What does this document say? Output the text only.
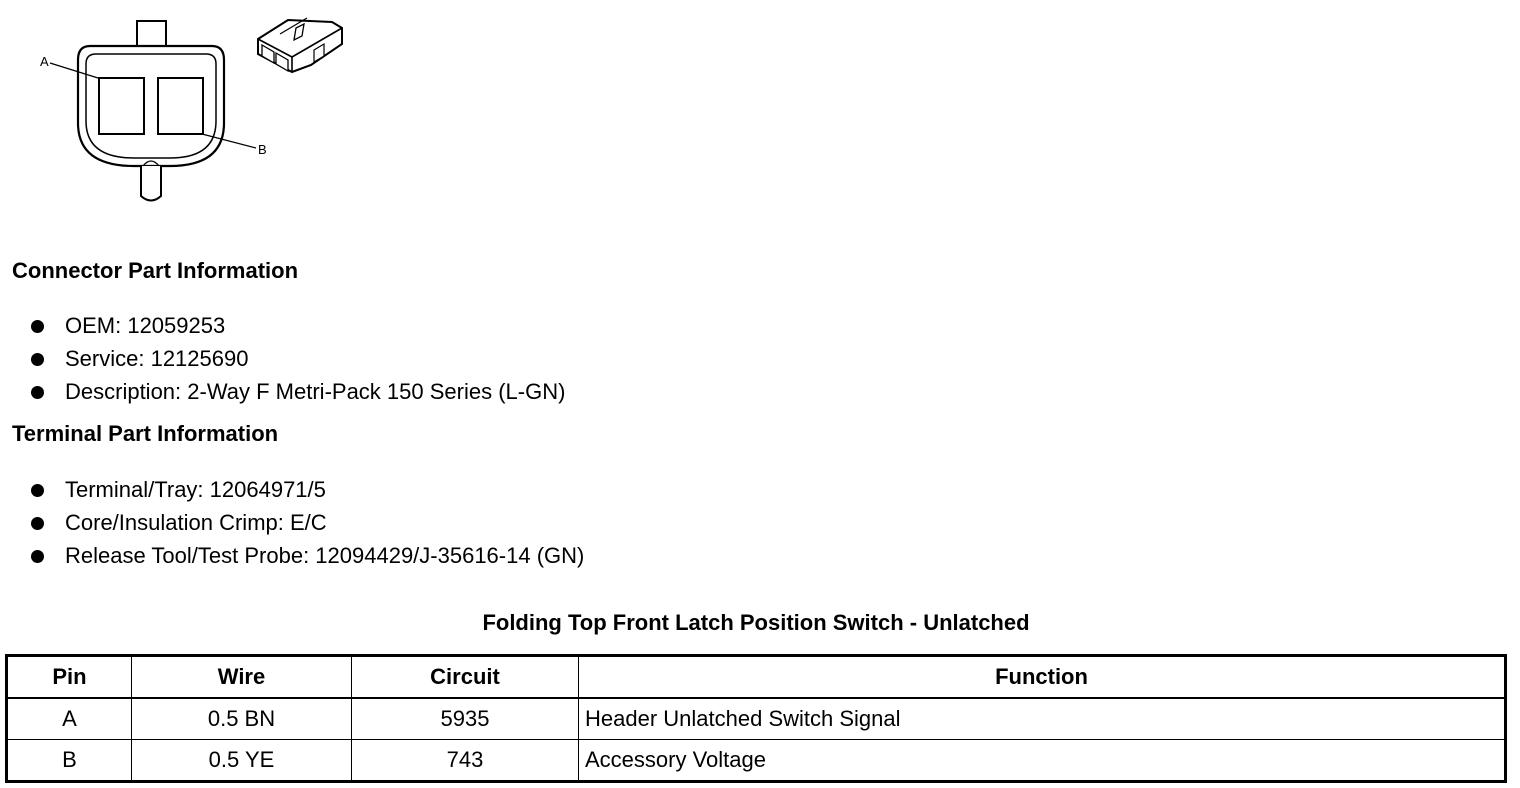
A
B
Connector Part Information
OEM: 12059253
Service: 12125690
Description: 2-Way F Metri-Pack 150 Series (L-GN)
Terminal Part Information
Terminal/Tray: 12064971/5
Core/Insulation Crimp: E/C
Release Tool/Test Probe: 12094429/J-35616-14 (GN)
Folding Top Front Latch Position Switch - Unlatched
Pin	Wire	Circuit	Function
A	0.5 BN	5935	Header Unlatched Switch Signal
B	0.5 YE	743	Accessory Voltage
